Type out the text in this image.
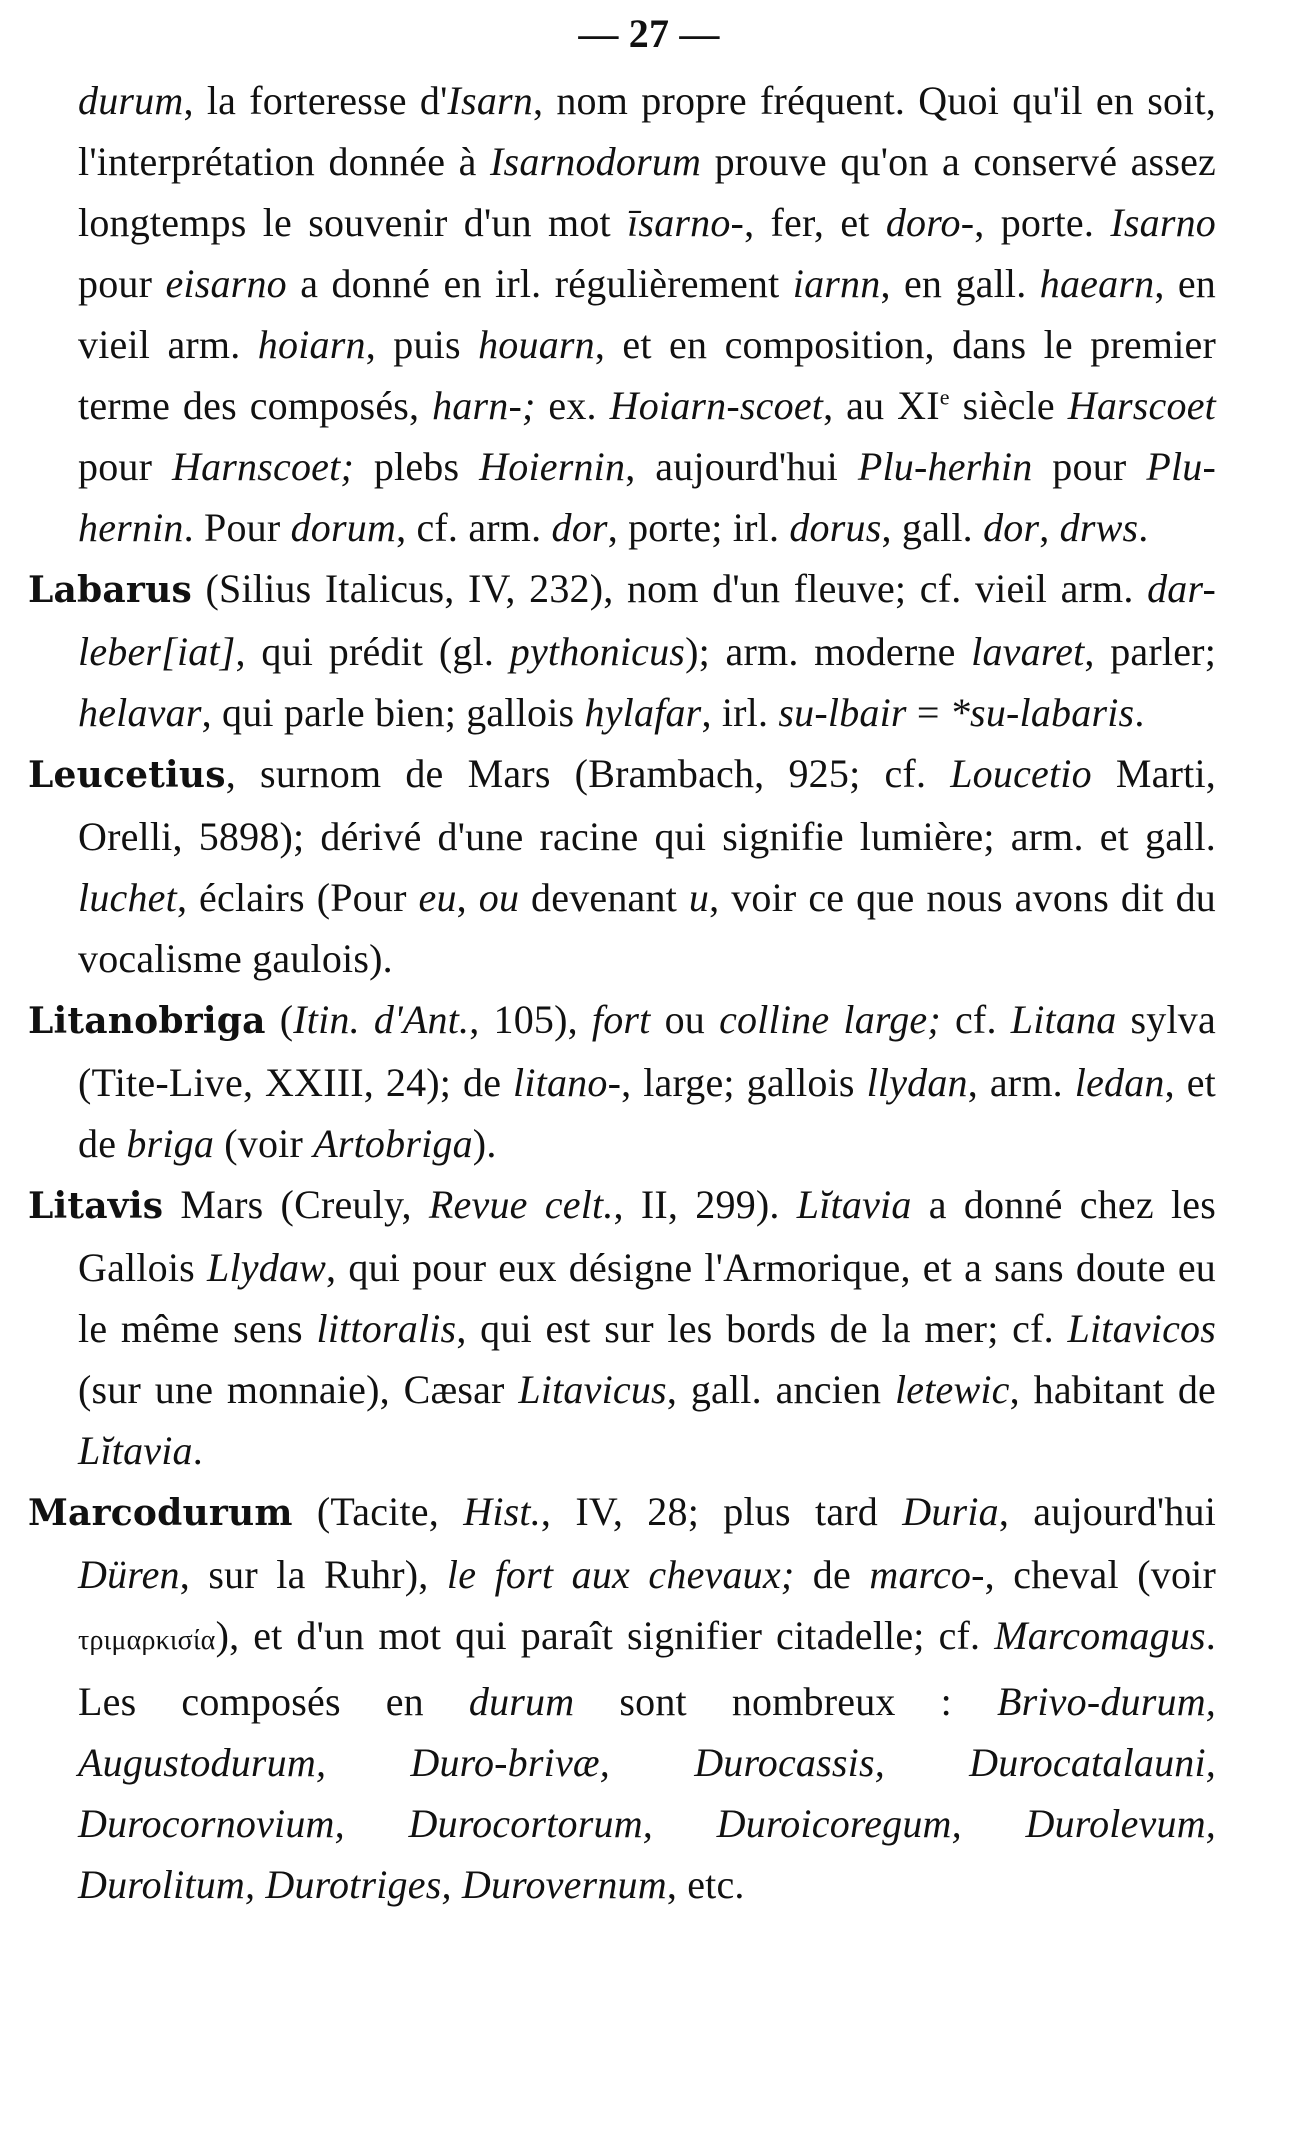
— 27 —

durum, la forteresse d'Isarn, nom propre fréquent. Quoi qu'il en soit, l'interprétation donnée à Isarnodorum prouve qu'on a conservé assez longtemps le souvenir d'un mot īsarno-, fer, et doro-, porte. Isarno pour eisarno a donné en irl. régulièrement iarnn, en gall. haearn, en vieil arm. hoiarn, puis houarn, et en composition, dans le premier terme des composés, harn-; ex. Hoiarn-scoet, au XIe siècle Harscoet pour Harnscoet; plebs Hoiernin, aujourd'hui Plu-herhin pour Plu-hernin. Pour dorum, cf. arm. dor, porte; irl. dorus, gall. dor, drws.

Labarus (Silius Italicus, IV, 232), nom d'un fleuve; cf. vieil arm. dar-leber[iat], qui prédit (gl. pythonicus); arm. moderne lavaret, parler; helavar, qui parle bien; gallois hylafar, irl. su-lbair = *su-labaris.

Leucetius, surnom de Mars (Brambach, 925; cf. Loucetio Marti, Orelli, 5898); dérivé d'une racine qui signifie lumière; arm. et gall. luchet, éclairs (Pour eu, ou devenant u, voir ce que nous avons dit du vocalisme gaulois).

Litanobriga (Itin. d'Ant., 105), fort ou colline large; cf. Litana sylva (Tite-Live, XXIII, 24); de litano-, large; gallois llydan, arm. ledan, et de briga (voir Artobriga).

Litavis Mars (Creuly, Revue celt., II, 299). Lĭtavia a donné chez les Gallois Llydaw, qui pour eux désigne l'Armorique, et a sans doute eu le même sens littoralis, qui est sur les bords de la mer; cf. Litavicos (sur une monnaie), Cæsar Litavicus, gall. ancien letewic, habitant de Lĭtavia.

Marcodurum (Tacite, Hist., IV, 28; plus tard Duria, aujourd'hui Düren, sur la Ruhr), le fort aux chevaux; de marco-, cheval (voir τριμαρκισία), et d'un mot qui paraît signifier citadelle; cf. Marcomagus. Les composés en durum sont nombreux : Brivo-durum, Augustodurum, Duro-brivæ, Durocassis, Durocatalauni, Durocornovium, Durocortorum, Duroicoregum, Durolevum, Durolitum, Durotriges, Durovernum, etc.
